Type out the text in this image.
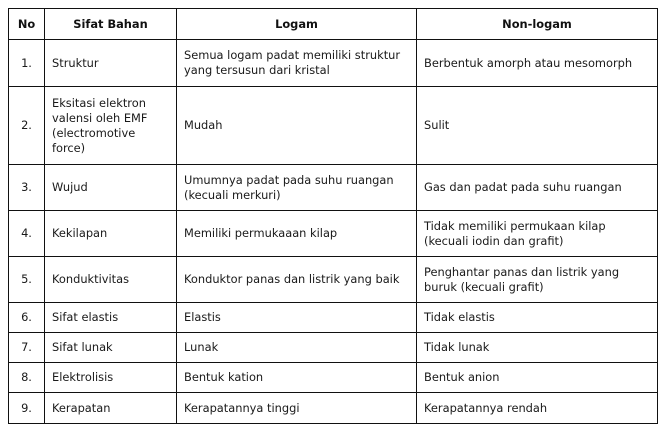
No	Sifat Bahan	Logam	Non-logam
1.	Struktur	Semua logam padat memiliki struktur yang tersusun dari kristal	Berbentuk amorph atau mesomorph
2.	Eksitasi elektron valensi oleh EMF (electromotive force)	Mudah	Sulit
3.	Wujud	Umumnya padat pada suhu ruangan (kecuali merkuri)	Gas dan padat pada suhu ruangan
4.	Kekilapan	Memiliki permukaaan kilap	Tidak memiliki permukaan kilap (kecuali iodin dan grafit)
5.	Konduktivitas	Konduktor panas dan listrik yang baik	Penghantar panas dan listrik yang buruk (kecuali grafit)
6.	Sifat elastis	Elastis	Tidak elastis
7.	Sifat lunak	Lunak	Tidak lunak
8.	Elektrolisis	Bentuk kation	Bentuk anion
9.	Kerapatan	Kerapatannya tinggi	Kerapatannya rendah
